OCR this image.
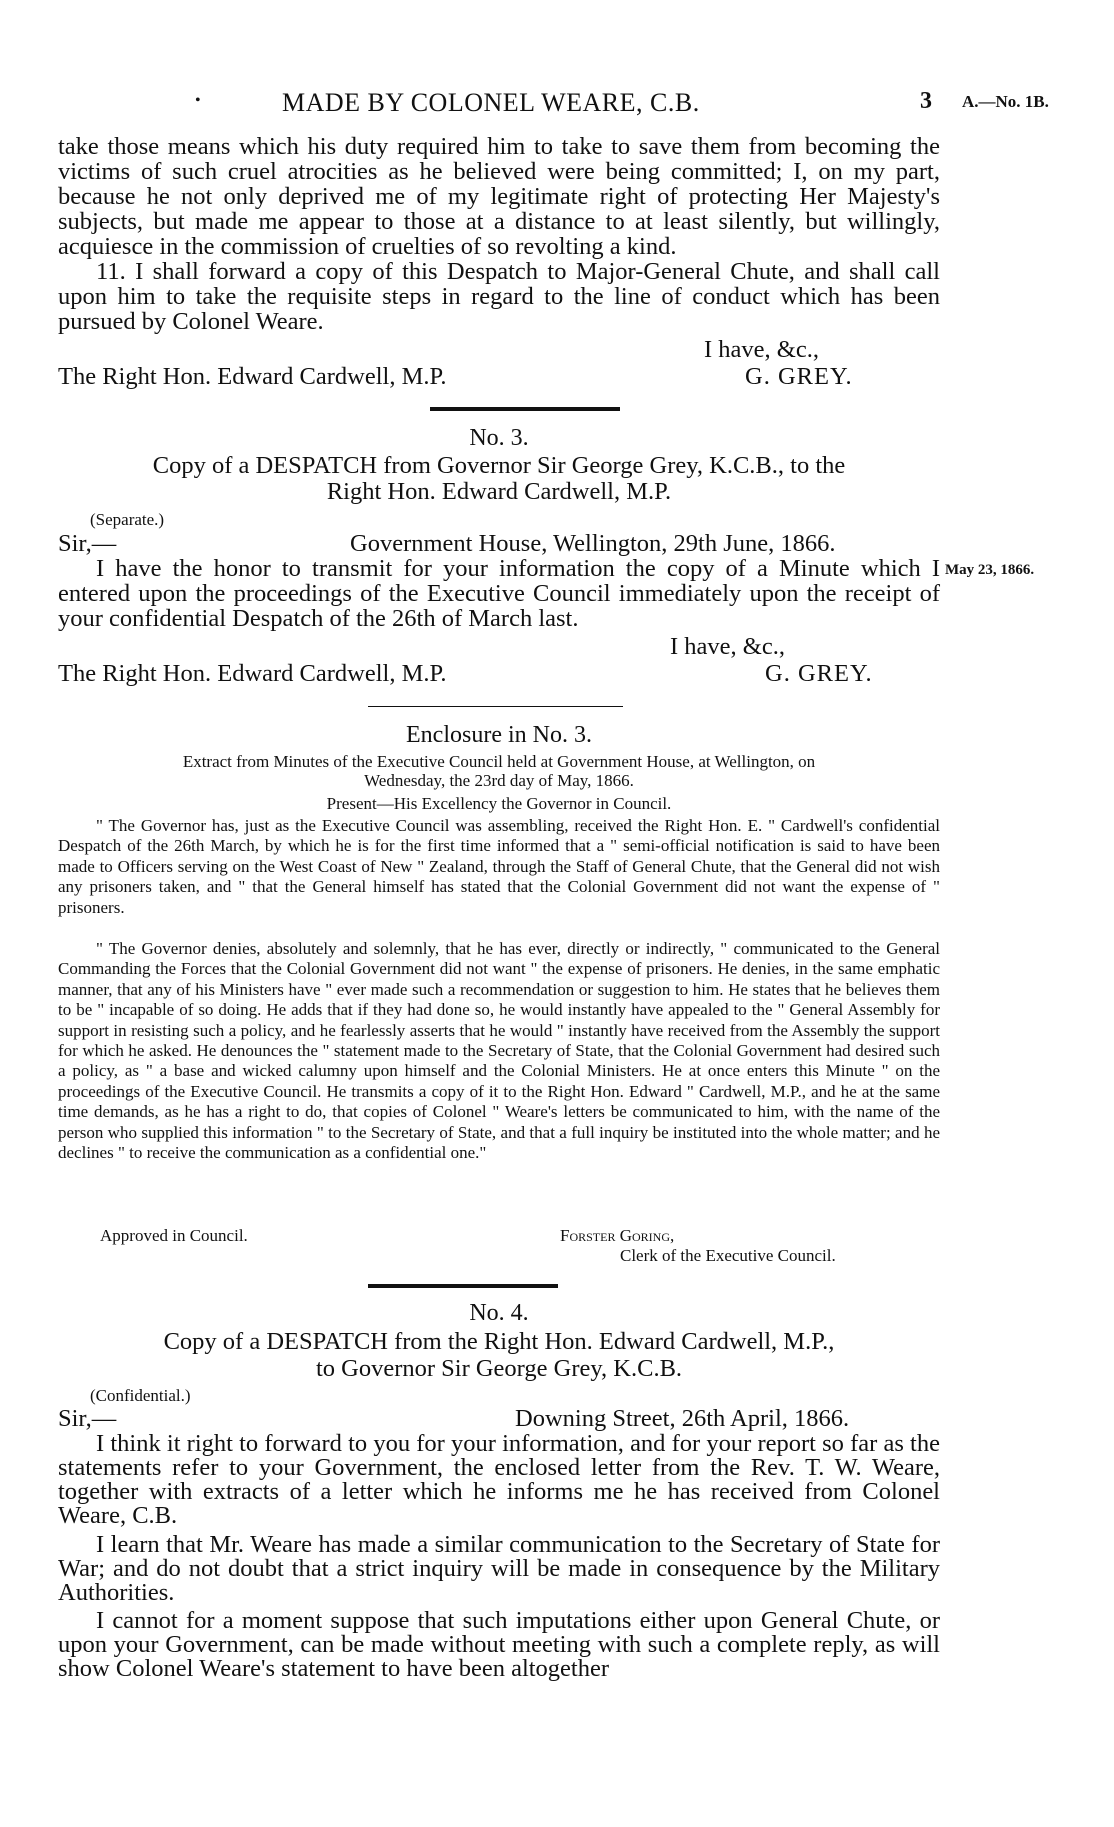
•	MADE BY COLONEL WEARE, C.B.	3 A.—No. 1B.
take those means which his duty required him to take to save them from becoming the victims of such cruel atrocities as he believed were being committed; I, on my part, because he not only deprived me of my legitimate right of protecting Her Majesty's subjects, but made me appear to those at a distance to at least silently, but willingly, acquiesce in the commission of cruelties of so revolting a kind.
11. I shall forward a copy of this Despatch to Major-General Chute, and shall call upon him to take the requisite steps in regard to the line of conduct which has been pursued by Colonel Weare.
I have, &c.,
The Right Hon. Edward Cardwell, M.P.	G. GREY.
No. 3.
Copy of a DESPATCH from Governor Sir George Grey, K.C.B., to the
Right Hon. Edward Cardwell, M.P.
(Separate.)
Sir,—	Government House, Wellington, 29th June, 1866.
I have the honor to transmit for your information the copy of a Minute which I entered upon the proceedings of the Executive Council immediately upon the receipt of your confidential Despatch of the 26th of March last.
May 23, 1866.
I have, &c.,
The Right Hon. Edward Cardwell, M.P.	G. GREY.
Enclosure in No. 3.
Extract from Minutes of the Executive Council held at Government House, at Wellington, on
Wednesday, the 23rd day of May, 1866.
Present—His Excellency the Governor in Council.
" The Governor has, just as the Executive Council was assembling, received the Right Hon. E. " Cardwell's confidential Despatch of the 26th March, by which he is for the first time informed that a " semi-official notification is said to have been made to Officers serving on the West Coast of New " Zealand, through the Staff of General Chute, that the General did not wish any prisoners taken, and " that the General himself has stated that the Colonial Government did not want the expense of " prisoners.
" The Governor denies, absolutely and solemnly, that he has ever, directly or indirectly, " communicated to the General Commanding the Forces that the Colonial Government did not want " the expense of prisoners. He denies, in the same emphatic manner, that any of his Ministers have " ever made such a recommendation or suggestion to him. He states that he believes them to be " incapable of so doing. He adds that if they had done so, he would instantly have appealed to the " General Assembly for support in resisting such a policy, and he fearlessly asserts that he would " instantly have received from the Assembly the support for which he asked. He denounces the " statement made to the Secretary of State, that the Colonial Government had desired such a policy, as " a base and wicked calumny upon himself and the Colonial Ministers. He at once enters this Minute " on the proceedings of the Executive Council. He transmits a copy of it to the Right Hon. Edward " Cardwell, M.P., and he at the same time demands, as he has a right to do, that copies of Colonel " Weare's letters be communicated to him, with the name of the person who supplied this information " to the Secretary of State, and that a full inquiry be instituted into the whole matter; and he declines " to receive the communication as a confidential one."
Approved in Council.	Forster Goring,
Clerk of the Executive Council.
No. 4.
Copy of a DESPATCH from the Right Hon. Edward Cardwell, M.P.,
to Governor Sir George Grey, K.C.B.
(Confidential.)
Sir,—	Downing Street, 26th April, 1866.
I think it right to forward to you for your information, and for your report so far as the statements refer to your Government, the enclosed letter from the Rev. T. W. Weare, together with extracts of a letter which he informs me he has received from Colonel Weare, C.B.
I learn that Mr. Weare has made a similar communication to the Secretary of State for War; and do not doubt that a strict inquiry will be made in consequence by the Military Authorities.
I cannot for a moment suppose that such imputations either upon General Chute, or upon your Government, can be made without meeting with such a complete reply, as will show Colonel Weare's statement to have been altogether
